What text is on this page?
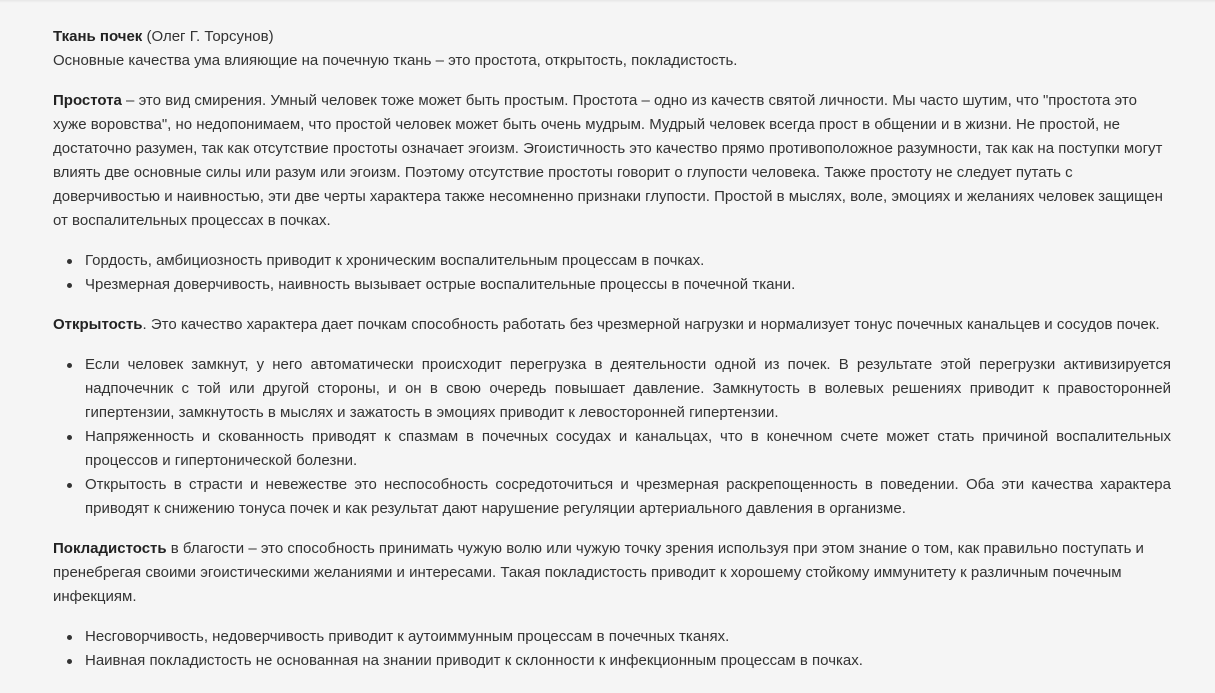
Ткань почек (Олег Г. Торсунов)

Основные качества ума влияющие на почечную ткань – это простота, открытость, покладистость.

Простота – это вид смирения. Умный человек тоже может быть простым. Простота – одно из качеств святой личности. Мы часто шутим, что "простота это хуже воровства", но недопонимаем, что простой человек может быть очень мудрым. Мудрый человек всегда прост в общении и в жизни. Не простой, не достаточно разумен, так как отсутствие простоты означает эгоизм. Эгоистичность это качество прямо противоположное разумности, так как на поступки могут влиять две основные силы или разум или эгоизм. Поэтому отсутствие простоты говорит о глупости человека. Также простоту не следует путать с доверчивостью и наивностью, эти две черты характера также несомненно признаки глупости. Простой в мыслях, воле, эмоциях и желаниях человек защищен от воспалительных процессах в почках.

Гордость, амбициозность приводит к хроническим воспалительным процессам в почках.
Чрезмерная доверчивость, наивность вызывает острые воспалительные процессы в почечной ткани.

Открытость. Это качество характера дает почкам способность работать без чрезмерной нагрузки и нормализует тонус почечных канальцев и сосудов почек.

Если человек замкнут, у него автоматически происходит перегрузка в деятельности одной из почек. В результате этой перегрузки активизируется надпочечник с той или другой стороны, и он в свою очередь повышает давление. Замкнутость в волевых решениях приводит к правосторонней гипертензии, замкнутость в мыслях и зажатость в эмоциях приводит к левосторонней гипертензии.
Напряженность и скованность приводят к спазмам в почечных сосудах и канальцах, что в конечном счете может стать причиной воспалительных процессов и гипертонической болезни.
Открытость в страсти и невежестве это неспособность сосредоточиться и чрезмерная раскрепощенность в поведении. Оба эти качества характера приводят к снижению тонуса почек и как результат дают нарушение регуляции артериального давления в организме.

Покладистость в благости – это способность принимать чужую волю или чужую точку зрения используя при этом знание о том, как правильно поступать и пренебрегая своими эгоистическими желаниями и интересами. Такая покладистость приводит к хорошему стойкому иммунитету к различным почечным инфекциям.

Несговорчивость, недоверчивость приводит к аутоиммунным процессам в почечных тканях.
Наивная покладистость не основанная на знании приводит к склонности к инфекционным процессам в почках.
